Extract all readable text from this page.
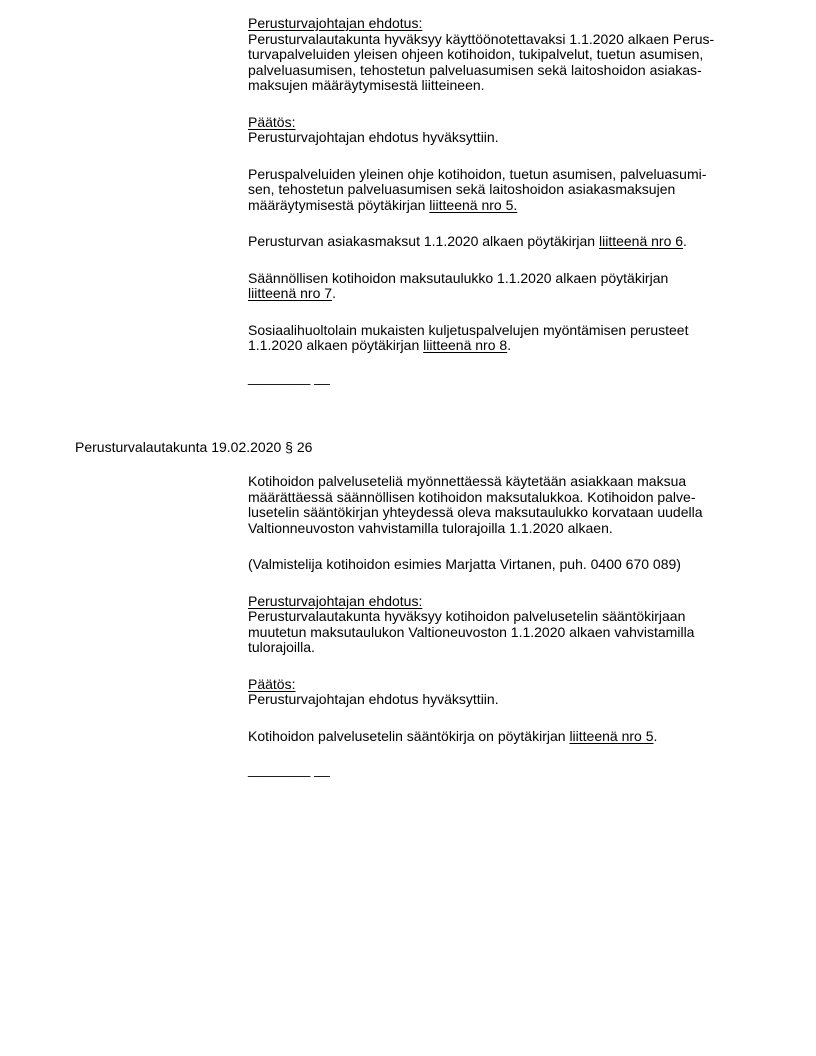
Perusturvajohtajan ehdotus:
Perusturvalautakunta hyväksyy käyttöönotettavaksi 1.1.2020 alkaen Perus-
turvapalveluiden yleisen ohjeen kotihoidon, tukipalvelut, tuetun asumisen,
palveluasumisen, tehostetun palveluasumisen sekä laitoshoidon asiakas-
maksujen määräytymisestä liitteineen.
Päätös:
Perusturvajohtajan ehdotus hyväksyttiin.
Peruspalveluiden yleinen ohje kotihoidon, tuetun asumisen, palveluasumi-
sen, tehostetun palveluasumisen sekä laitoshoidon asiakasmaksujen
määräytymisestä pöytäkirjan liitteenä nro 5.
Perusturvan asiakasmaksut 1.1.2020 alkaen pöytäkirjan liitteenä nro 6.
Säännöllisen kotihoidon maksutaulukko 1.1.2020 alkaen pöytäkirjan
liitteenä nro 7.
Sosiaalihuoltolain mukaisten kuljetuspalvelujen myöntämisen perusteet
1.1.2020 alkaen pöytäkirjan liitteenä nro 8.
________ __
Perusturvalautakunta 19.02.2020 § 26
Kotihoidon palveluseteliä myönnettäessä käytetään asiakkaan maksua
määrättäessä säännöllisen kotihoidon maksutalukkoa. Kotihoidon palve-
lusetelin sääntökirjan yhteydessä oleva maksutaulukko korvataan uudella
Valtionneuvoston vahvistamilla tulorajoilla 1.1.2020 alkaen.
(Valmistelija kotihoidon esimies Marjatta Virtanen, puh. 0400 670 089)
Perusturvajohtajan ehdotus:
Perusturvalautakunta hyväksyy kotihoidon palvelusetelin sääntökirjaan
muutetun maksutaulukon Valtioneuvoston 1.1.2020 alkaen vahvistamilla
tulorajoilla.
Päätös:
Perusturvajohtajan ehdotus hyväksyttiin.
Kotihoidon palvelusetelin sääntökirja on pöytäkirjan liitteenä nro 5.
________ __
